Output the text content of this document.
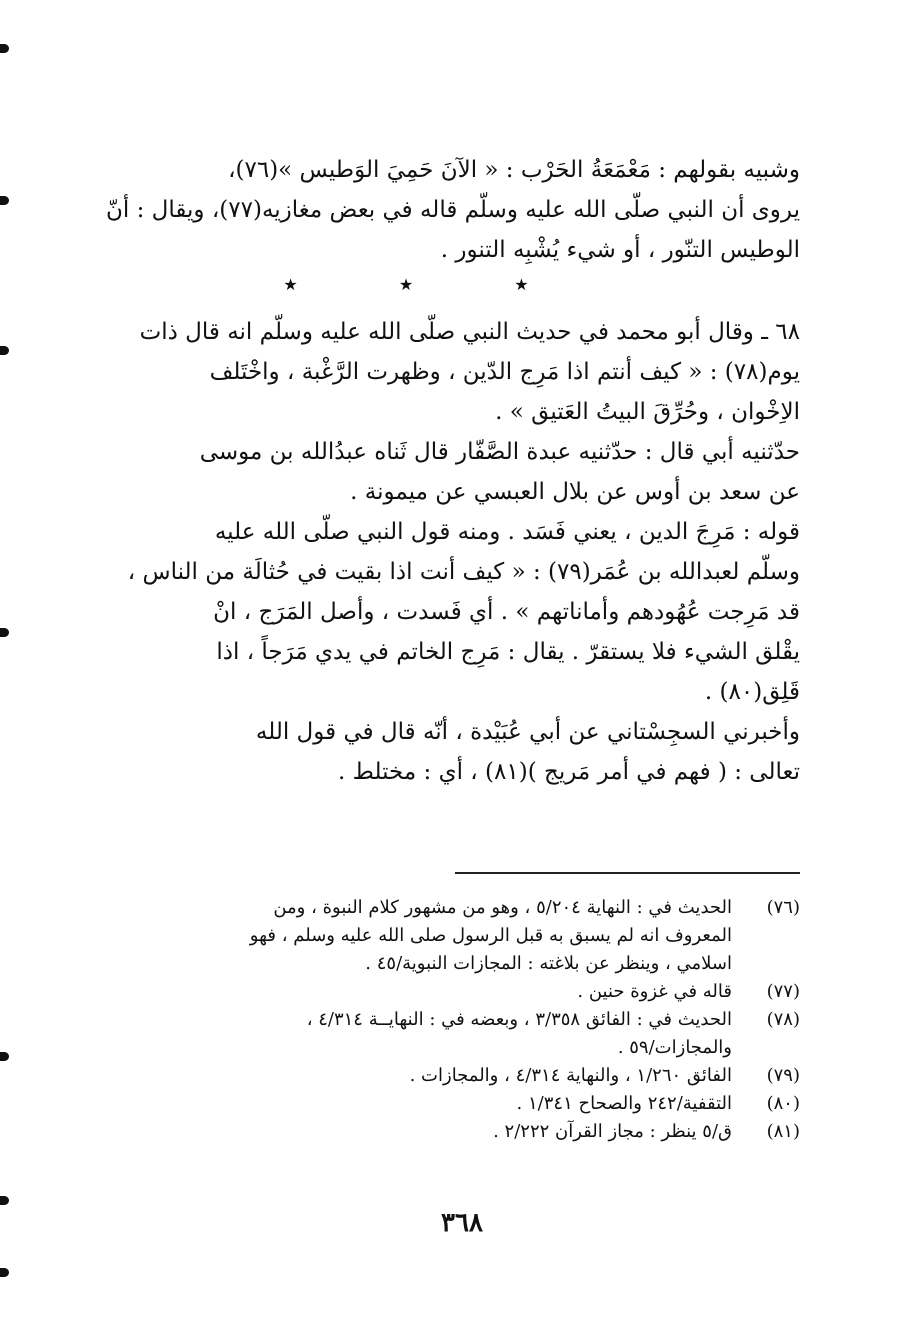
وشبيه بقولهم : مَعْمَعَةُ الحَرْب : « الآنَ حَمِيَ الوَطيس »(٧٦)،
يروى أن النبي صلّى الله عليه وسلّم قاله في بعض مغازيه(٧٧)، ويقال : أنّ
الوطيس التنّور ، أو شيء يُشْبِه التنور .
★ ★ ★
٦٨ ـ وقال أبو محمد في حديث النبي صلّى الله عليه وسلّم انه قال ذات
يوم(٧٨) : « كيف أنتم اذا مَرِج الدّين ، وظهرت الرَّغْبة ، واخْتَلف
الاِخْوان ، وحُرِّقَ البيتُ العَتيق » .
حدّثنيه أبي قال : حدّثنيه عبدة الصَّفّار قال ثَناه عبدُالله بن موسى
عن سعد بن أوس عن بلال العبسي عن ميمونة .
قوله : مَرِجَ الدين ، يعني فَسَد . ومنه قول النبي صلّى الله عليه
وسلّم لعبدالله بن عُمَر(٧٩) : « كيف أنت اذا بقيت في حُثالَة من الناس ،
قد مَرِجت عُهُودهم وأماناتهم » . أي فَسدت ، وأصل المَرَج ، انْ
يقْلق الشيء فلا يستقرّ . يقال : مَرِج الخاتم في يدي مَرَجاً ، اذا
قَلِق(٨٠) .
وأخبرني السجِسْتاني عن أبي عُبَيْدة ، أنّه قال في قول الله
تعالى : ( فهم في أمر مَريج )(٨١) ، أي : مختلط .
(٧٦)
الحديث في : النهاية ٥/٢٠٤ ، وهو من مشهور كلام النبوة ، ومن
المعروف انه لم يسبق به قبل الرسول صلى الله عليه وسلم ، فهو
اسلامي ، وينظر عن بلاغته : المجازات النبوية/٤٥ .
(٧٧)
قاله في غزوة حنين .
(٧٨)
الحديث في : الفائق ٣/٣٥٨ ، وبعضه في : النهايــة ٤/٣١٤ ،
والمجازات/٥٩ .
(٧٩)
الفائق ١/٢٦٠ ، والنهاية ٤/٣١٤ ، والمجازات .
(٨٠)
التقفية/٢٤٢ والصحاح ١/٣٤١ .
(٨١)
ق/٥ ينظر : مجاز القرآن ٢/٢٢٢ .
٣٦٨
